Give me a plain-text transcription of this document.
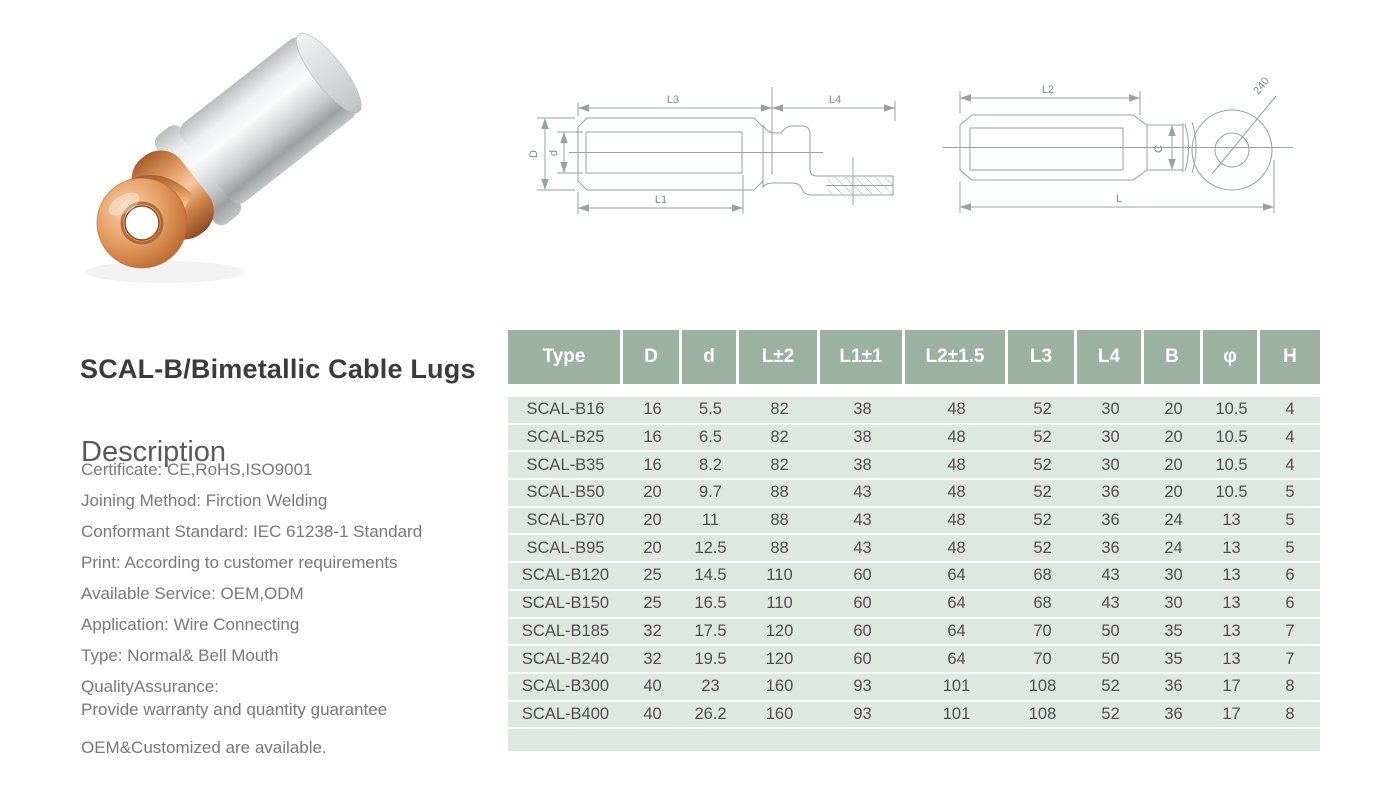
D d
L3	L4
L1
240
C
L2
L
SCAL-B/Bimetallic Cable Lugs
Description

Certificate: CE,RoHS,ISO9001

Joining Method: Firction Welding

Conformant Standard: IEC 61238-1 Standard

Print: According to customer requirements

Available Service: OEM,ODM

Application: Wire Connecting

Type: Normal& Bell Mouth

QualityAssurance:

Provide warranty and quantity guarantee

OEM&Customized are available.

Type	D	d	L±2	L1±1	L2±1.5	L3	L4	B	φ	H
SCAL-B16	16	5.5	82	38	48	52	30	20	10.5	4
SCAL-B25	16	6.5	82	38	48	52	30	20	10.5	4
SCAL-B35	16	8.2	82	38	48	52	30	20	10.5	4
SCAL-B50	20	9.7	88	43	48	52	36	20	10.5	5
SCAL-B70	20	11	88	43	48	52	36	24	13	5
SCAL-B95	20	12.5	88	43	48	52	36	24	13	5
SCAL-B120	25	14.5	110	60	64	68	43	30	13	6
SCAL-B150	25	16.5	110	60	64	68	43	30	13	6
SCAL-B185	32	17.5	120	60	64	70	50	35	13	7
SCAL-B240	32	19.5	120	60	64	70	50	35	13	7
SCAL-B300	40	23	160	93	101	108	52	36	17	8
SCAL-B400	40	26.2	160	93	101	108	52	36	17	8
